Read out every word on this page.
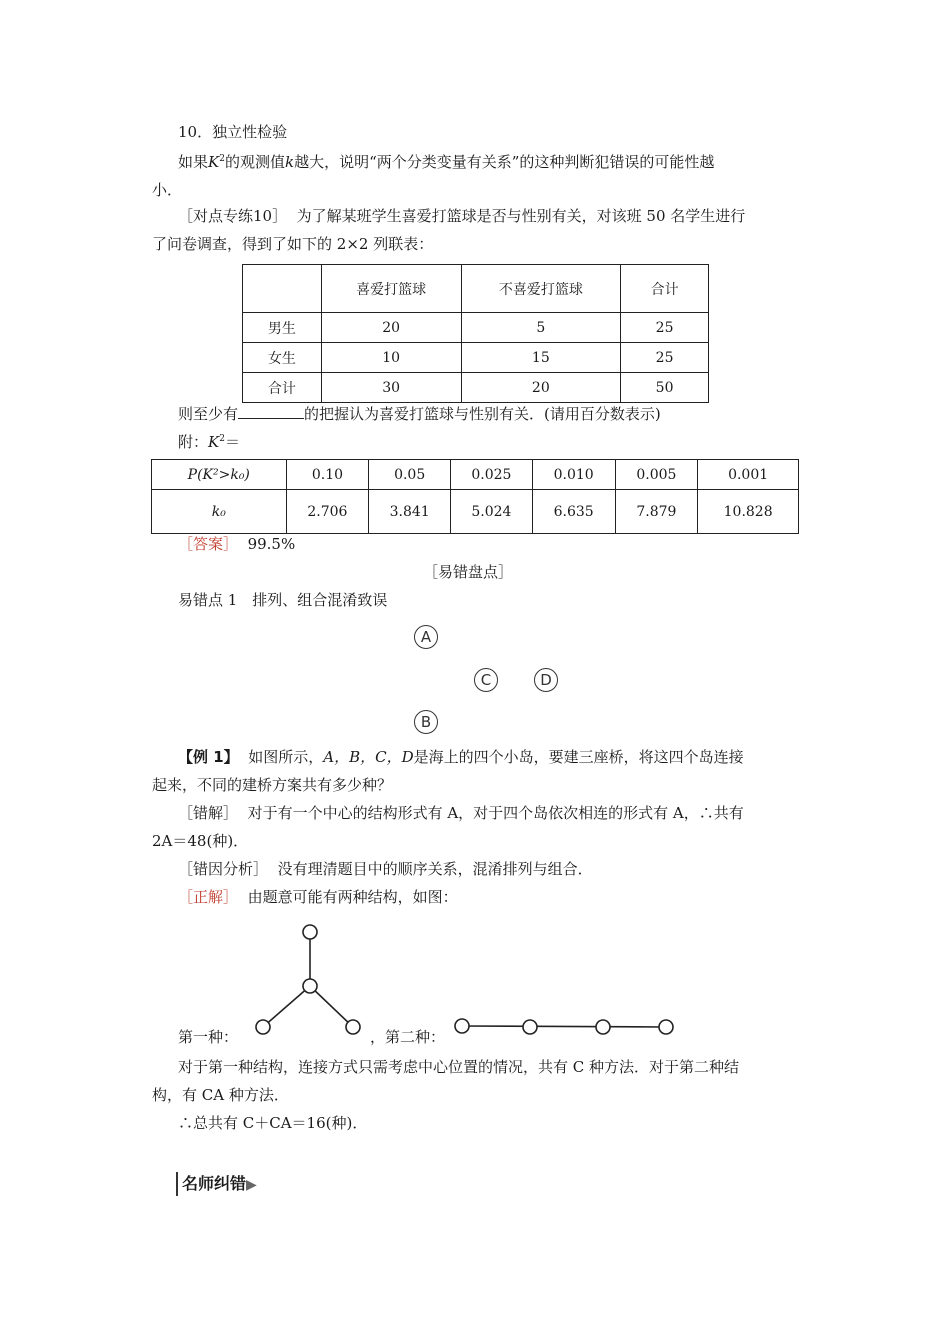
10．独立性检验
如果$K^2$的观测值k越大，说明“两个分类变量有关系”的这种判断犯错误的可能性越
小．
［对点专练10］ 为了解某班学生喜爱打篮球是否与性别有关，对该班 50 名学生进行
了问卷调查，得到了如下的 2×2 列联表：
	喜爱打篮球	不喜爱打篮球	合计
男生	20	5	25
女生	10	15	25
合计	30	20	50
则至少有	的把握认为喜爱打篮球与性别有关．(请用百分数表示)
附：$K^2=$
P(K²>k₀)	0.10	0.05	0.025	0.010	0.005	0.001
k₀	2.706	3.841	5.024	6.635	7.879	10.828
［答案］ 99.5%
［易错盘点］
易错点 1　排列、组合混淆致误
A
C	D
B
【例 1】 如图所示，A，B，C，D是海上的四个小岛，要建三座桥，将这四个岛连接
起来，不同的建桥方案共有多少种？
［错解］ 对于有一个中心的结构形式有 A，对于四个岛依次相连的形式有 A，∴共有
2A＝48(种)．
［错因分析］ 没有理清题目中的顺序关系，混淆排列与组合．
［正解］ 由题意可能有两种结构，如图：
第一种：	，第二种：
对于第一种结构，连接方式只需考虑中心位置的情况，共有 C 种方法．对于第二种结
构，有 CA 种方法．
∴总共有 C＋CA＝16(种)．
名师纠错▶
